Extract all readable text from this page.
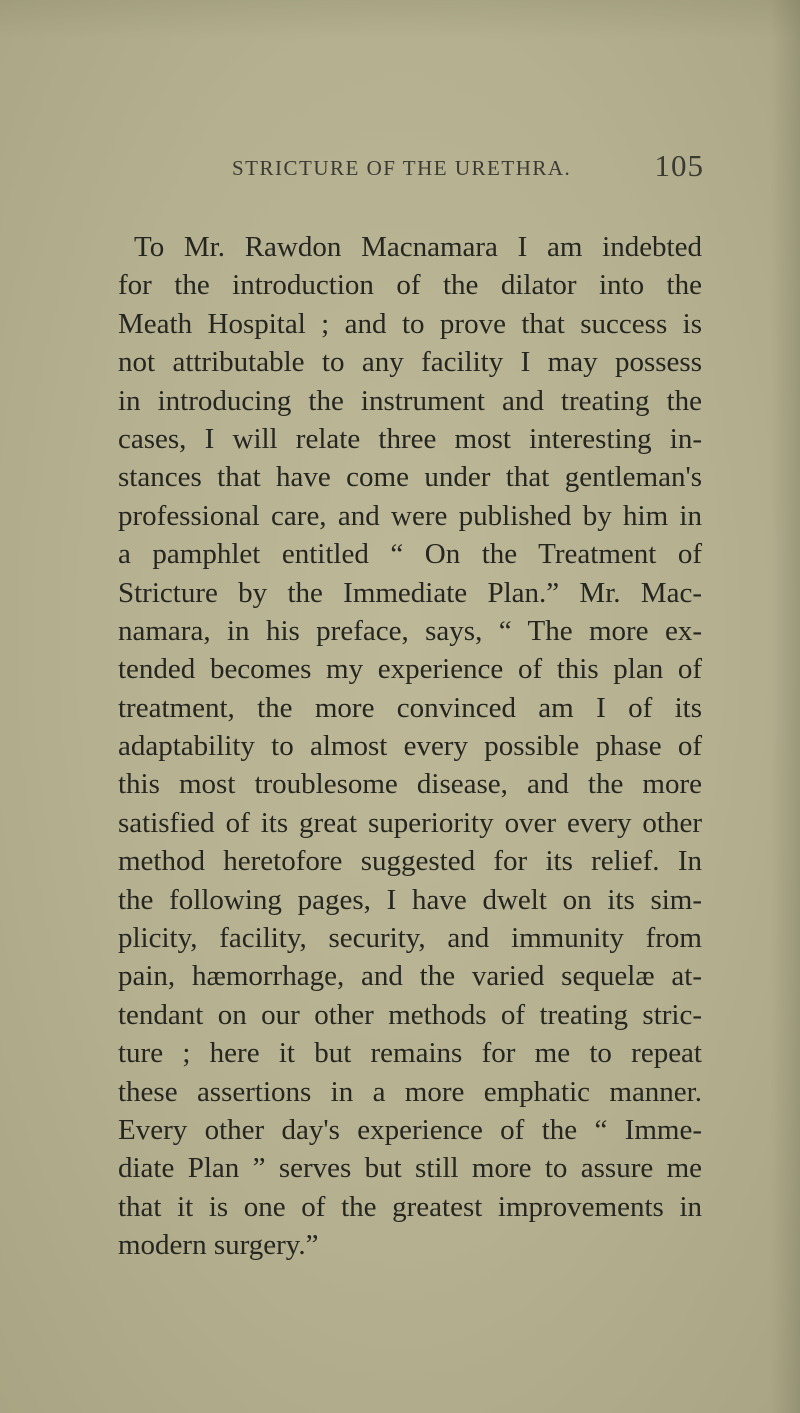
STRICTURE OF THE URETHRA.	105
To Mr. Rawdon Macnamara I am indebted
for the introduction of the dilator into the
Meath Hospital ; and to prove that success is
not attributable to any facility I may possess
in introducing the instrument and treating the
cases, I will relate three most interesting in-
stances that have come under that gentleman's
professional care, and were published by him in
a pamphlet entitled “ On the Treatment of
Stricture by the Immediate Plan.” Mr. Mac-
namara, in his preface, says, “ The more ex-
tended becomes my experience of this plan of
treatment, the more convinced am I of its
adaptability to almost every possible phase of
this most troublesome disease, and the more
satisfied of its great superiority over every other
method heretofore suggested for its relief. In
the following pages, I have dwelt on its sim-
plicity, facility, security, and immunity from
pain, hæmorrhage, and the varied sequelæ at-
tendant on our other methods of treating stric-
ture ; here it but remains for me to repeat
these assertions in a more emphatic manner.
Every other day's experience of the “ Imme-
diate Plan ” serves but still more to assure me
that it is one of the greatest improvements in
modern surgery.”
